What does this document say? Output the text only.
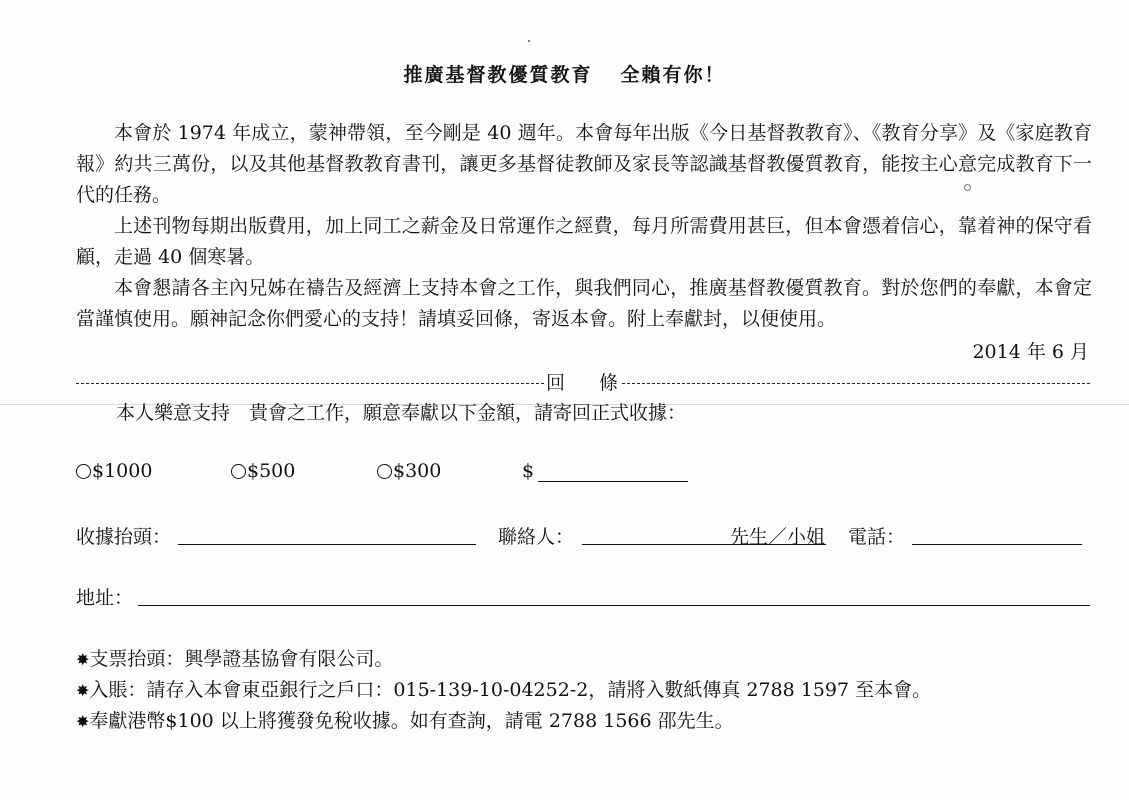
推廣基督教優質教育 全賴有你！
本會於 1974 年成立，蒙神帶領，至今剛是 40 週年。本會每年出版《今日基督教教育》、《教育分享》及《家庭教育報》約共三萬份，以及其他基督教教育書刊，讓更多基督徒教師及家長等認識基督教優質教育，能按主心意完成教育下一代的任務。
上述刊物每期出版費用，加上同工之薪金及日常運作之經費，每月所需費用甚巨，但本會憑着信心，靠着神的保守看顧，走過 40 個寒暑。
本會懇請各主內兄姊在禱告及經濟上支持本會之工作，與我們同心，推廣基督教優質教育。對於您們的奉獻，本會定當謹慎使用。願神記念你們愛心的支持！請填妥回條，寄返本會。附上奉獻封，以便使用。
2014 年 6 月
回條
本人樂意支持 貴會之工作，願意奉獻以下金額，請寄回正式收據：
$1000	$500	$300	$
收據抬頭：	聯絡人：	先生／小姐 電話：
地址：
✸支票抬頭：興學證基協會有限公司。
✸入賬：請存入本會東亞銀行之戶口：015-139-10-04252-2，請將入數紙傳真 2788 1597 至本會。
✸奉獻港幣$100 以上將獲發免稅收據。如有查詢，請電 2788 1566 邵先生。
